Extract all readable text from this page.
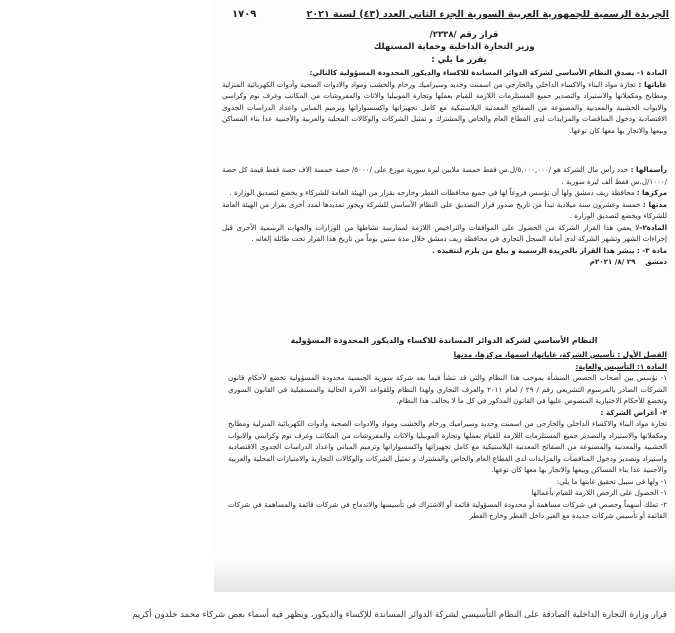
الجريدة الرسمية للجمهورية العربية السورية الجزء الثاني العدد (٤٣) لسنة ٢٠٢١
١٧٠٩
قرار رقم /٢٣٣٨/
وزير التجارة الداخلية وحماية المستهلك
يقرر ما يلي :
المادة ١- يصدق النظام الأساسي لشركة الدوائر المساندة للاكساء والديكور المحدودة المسؤولية كالتالي:
غاياتها : تجارة مواد البناء والاكساء الداخلي والخارجي من اسمنت وحديد وسيراميك ورخام والخشب ومواد والادوات الصحية وأدوات الكهربائية المنزلية ومطابخ ومكملاتها والاستيراد والتصدير جميع المستلزمات اللازمة للقيام بعملها وتجارة الموبيليا والاثاث والمفروشات من المكاتب وغرف نوم وكراسي والابواب الخشبية والمعدنية والمصنوعة من الصفائح المعدنية البلاستيكية مع كامل تجهيزاتها واكسسواراتها وترميم المباني واعداد الدراسات الجدوى الاقتصادية ودخول المناقصات والمزايدات لدى القطاع العام والخاص والمشترك و تمثيل الشركات والوكالات المحلية والعربية والأجنبية عدا بناء المساكن وبيعها والاتجار بها معها كان نوعها.
رأسمالها : حدد رأس مال الشركة هو /٥,٠٠٠,٠٠٠/ل.س فقط خمسة ملايين ليرة سورية موزع على /٥٠٠٠/ حصة خمسة الاف حصة فقط قيمة كل حصة /١٠٠٠/ل.س فقط ألف ليرة سورية .
مركزها : محافظة ريف دمشق ولها أن تؤسس فروعاً لها في جميع محافظات القطر وخارجه بقرار من الهيئة العامة للشركاء و يخضع لتصديق الوزارة .
مدتها : خمسة وعشرون سنة ميلادية تبدأ من تاريخ صدور قرار التصديق على النظام الأساسي للشركة ويجوز تمديدها لمدد أخرى بقرار من الهيئة العامة للشركاء ويخضع لتصديق الوزارة .
المادة٢-لا يعفي هذا القرار الشركة من الحصول على الموافقات والتراخيص اللازمة لممارسة نشاطها من الوزارات والجهات الرسمية الأخرى قبل إجراءات الشهر وتشهر الشركة لدى أمانة السجل التجاري في محافظة ريف دمشق خلال مدة ستين يوماً من تاريخ هذا القرار تحت طائلة إلغائه .
مادة ٣- : ينشر هذا القرار بالجريدة الرسمية و يبلغ من يلزم لتنفيذه .
دمشق    ٢٩ /٨/ ٢٠٢١م
النظام الأساسي لشركة الدوائر المساندة للاكساء والديكور المحدودة المسؤولية
الفصل الأول : تأسيس الشركة، غاياتها، اسمها، مركزها، مدتها
المادة ١: التأسيس والغاية:
١- تؤسس بين أصحاب الحصص المنشأة بموجب هذا النظام والتي قد تنشأ فيما بعد شركة سورية الجنسية محدودة المسؤولية تخضع لأحكام قانون الشركات الصادر بالمرسوم التشريعي رقم / ٢٩ / لعام ٢٠١١ والعرف التجاري ولهذا النظام وللقواعد الآمرة الحالية والمستقبلية في القانون السوري وتخضع للأحكام الاختيارية المنصوص عليها في القانون المذكور في كل ما لا يخالف هذا النظام.
٢- أغراض الشركة :
تجارة مواد البناء والاكساء الداخلي والخارجي من اسمنت وحديد وسيراميك ورخام والخشب ومواد والادوات الصحية وأدوات الكهربائية المنزلية ومطابخ ومكملاتها والاستيراد والتصدير جميع المستلزمات اللازمة للقيام بعملها وتجارة الموبيليا والاثاث والمفروشات من المكاتب وغرف نوم وكراسي والابواب الخشبية والمعدنية والمصنوعة من الصفائح المعدنية البلاستيكية مع كامل تجهيزاتها واكسسواراتها وترميم المباني واعداد الدراسات الجدوى الاقتصادية واستيراد وتصدير ودخول المناقصات والمزايدات لدى القطاع العام والخاص والمشترك و تمثيل الشركات والوكالات التجارية والامتيازات المحلية والعربية والأجنبية عدا بناء المساكن وبيعها والاتجار بها معها كان نوعها.
١- ولها في سبيل تحقيق غايتها ما يلي:
١- الحصول على الرخص اللازمة للقيام بأعمالها
٢- تملك أسهماً وحصص في شركات مساهمة أو محدودة المسؤولية قائمة أو الاشتراك في تأسيسها والاندماج في شركات قائمة والمساهمة في شركات القائمة أو تأسيس شركات جديدة مع الغير داخل القطر وخارج القطر
قرار وزارة التجارة الداخلية الصادقة على النظام التأسيسي لشركة الدوائر المساندة للإكساء والديكور، ويظهر فيه أسماء بعض شركاء محمد خلدون أكريم
